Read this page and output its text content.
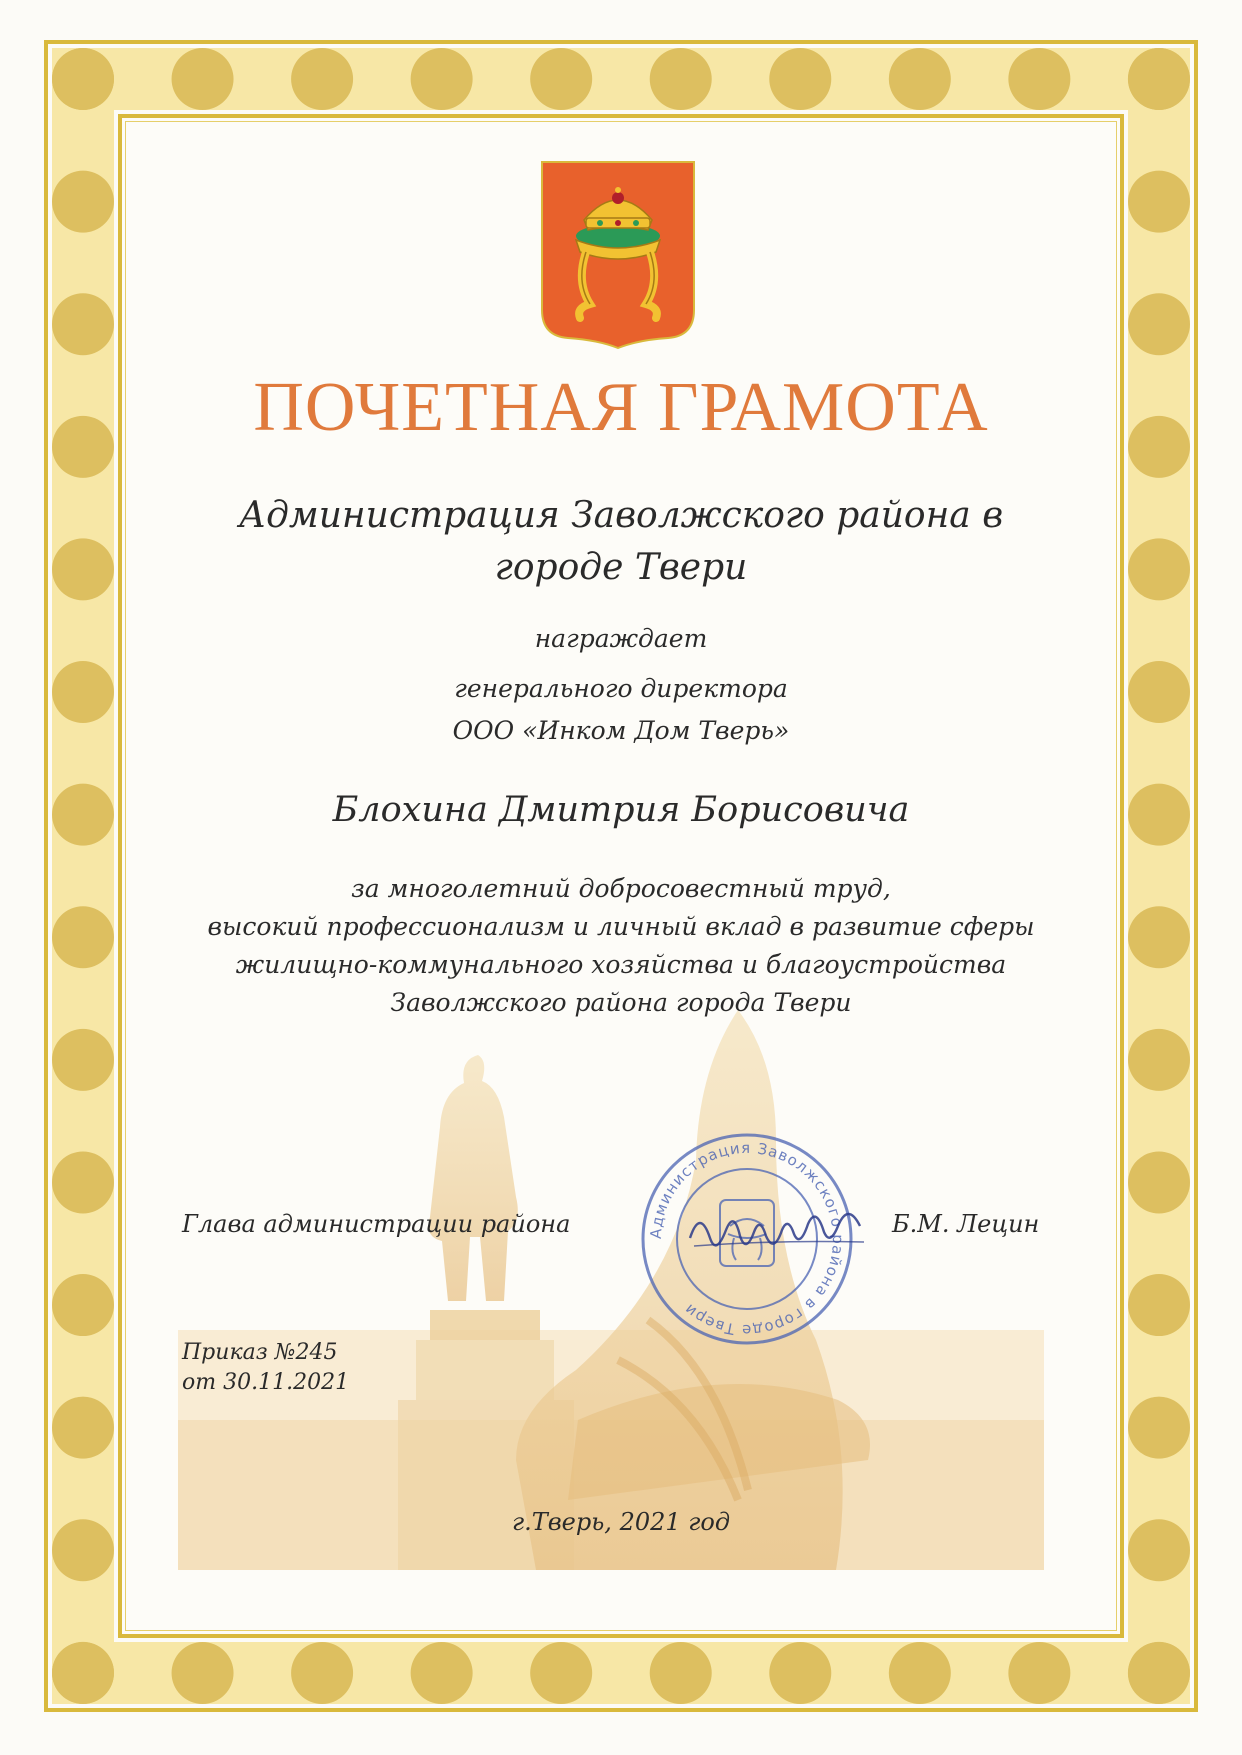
ПОЧЕТНАЯ ГРАМОТА
Администрация Заволжского района в
городе Твери
награждает
генерального директора
ООО «Инком Дом Тверь»
Блохина Дмитрия Борисовича
за многолетний добросовестный труд,
высокий профессионализм и личный вклад в развитие сферы
жилищно-коммунального хозяйства и благоустройства
Заволжского района города Твери
Глава администрации района	Администрация Заволжского района в городе Твери
Б.М. Лецин
Приказ №245
от 30.11.2021
г.Тверь, 2021 год
